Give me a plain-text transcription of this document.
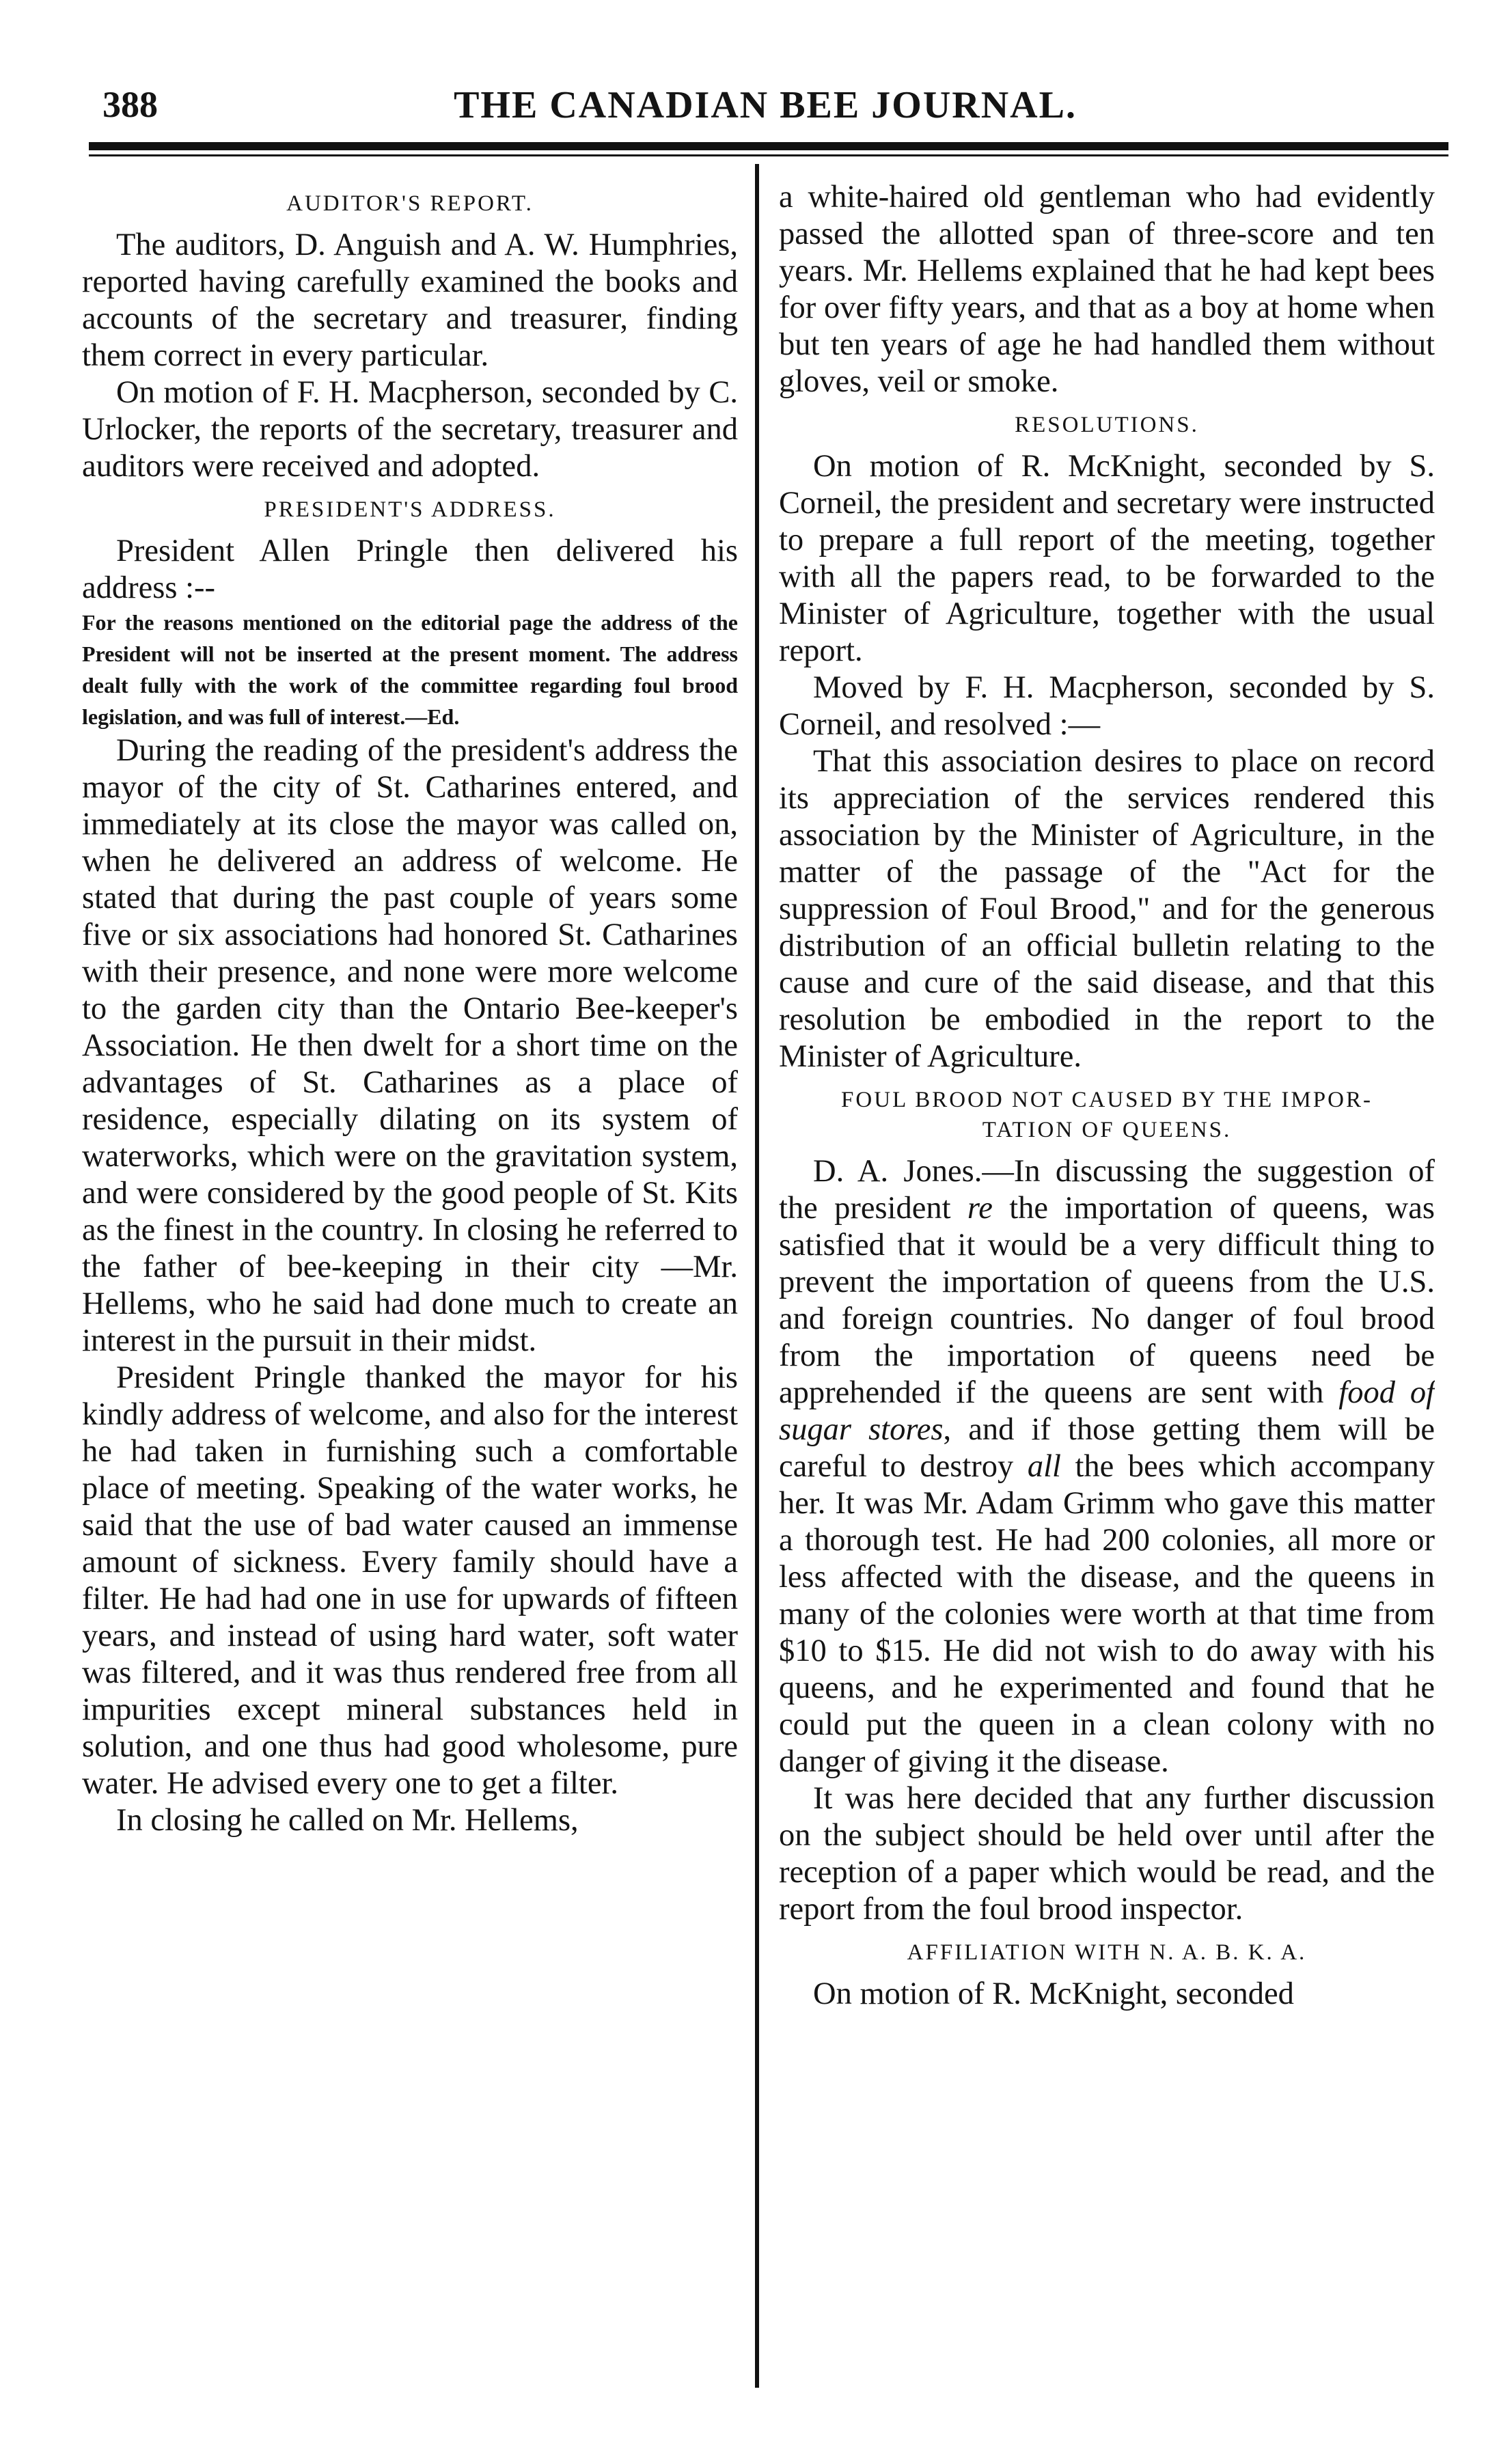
388	THE CANADIAN BEE JOURNAL.
AUDITOR'S REPORT.

The auditors, D. Anguish and A. W. Humphries, reported having carefully examined the books and accounts of the secretary and treasurer, finding them correct in every particular.

On motion of F. H. Macpherson, seconded by C. Urlocker, the reports of the secretary, treasurer and auditors were received and adopted.

PRESIDENT'S ADDRESS.

President Allen Pringle then delivered his address :--

For the reasons mentioned on the editorial page the address of the President will not be inserted at the present moment. The address dealt fully with the work of the committee regarding foul brood legislation, and was full of interest.—Ed.

During the reading of the president's address the mayor of the city of St. Catharines entered, and immediately at its close the mayor was called on, when he delivered an address of welcome. He stated that during the past couple of years some five or six associations had honored St. Catharines with their presence, and none were more welcome to the garden city than the Ontario Bee-keeper's Association. He then dwelt for a short time on the advantages of St. Catharines as a place of residence, especially dilating on its system of waterworks, which were on the gravitation system, and were considered by the good people of St. Kits as the finest in the country. In closing he referred to the father of bee-keeping in their city —Mr. Hellems, who he said had done much to create an interest in the pursuit in their midst.

President Pringle thanked the mayor for his kindly address of welcome, and also for the interest he had taken in furnishing such a comfortable place of meeting. Speaking of the water works, he said that the use of bad water caused an immense amount of sickness. Every family should have a filter. He had had one in use for upwards of fifteen years, and instead of using hard water, soft water was filtered, and it was thus rendered free from all impurities except mineral substances held in solution, and one thus had good wholesome, pure water. He advised every one to get a filter.

In closing he called on Mr. Hellems,

a white-haired old gentleman who had evidently passed the allotted span of three-score and ten years. Mr. Hellems explained that he had kept bees for over fifty years, and that as a boy at home when but ten years of age he had handled them without gloves, veil or smoke.

RESOLUTIONS.

On motion of R. McKnight, seconded by S. Corneil, the president and secretary were instructed to prepare a full report of the meeting, together with all the papers read, to be forwarded to the Minister of Agriculture, together with the usual report.

Moved by F. H. Macpherson, seconded by S. Corneil, and resolved :—

That this association desires to place on record its appreciation of the services rendered this association by the Minister of Agriculture, in the matter of the passage of the "Act for the suppression of Foul Brood," and for the generous distribution of an official bulletin relating to the cause and cure of the said disease, and that this resolution be embodied in the report to the Minister of Agriculture.

FOUL BROOD NOT CAUSED BY THE IMPOR-
TATION OF QUEENS.

D. A. Jones.—In discussing the suggestion of the president re the importation of queens, was satisfied that it would be a very difficult thing to prevent the importation of queens from the U.S. and foreign countries. No danger of foul brood from the importation of queens need be apprehended if the queens are sent with food of sugar stores, and if those getting them will be careful to destroy all the bees which accompany her. It was Mr. Adam Grimm who gave this matter a thorough test. He had 200 colonies, all more or less affected with the disease, and the queens in many of the colonies were worth at that time from $10 to $15. He did not wish to do away with his queens, and he experimented and found that he could put the queen in a clean colony with no danger of giving it the disease.

It was here decided that any further discussion on the subject should be held over until after the reception of a paper which would be read, and the report from the foul brood inspector.

AFFILIATION WITH N. A. B. K. A.

On motion of R. McKnight, seconded
